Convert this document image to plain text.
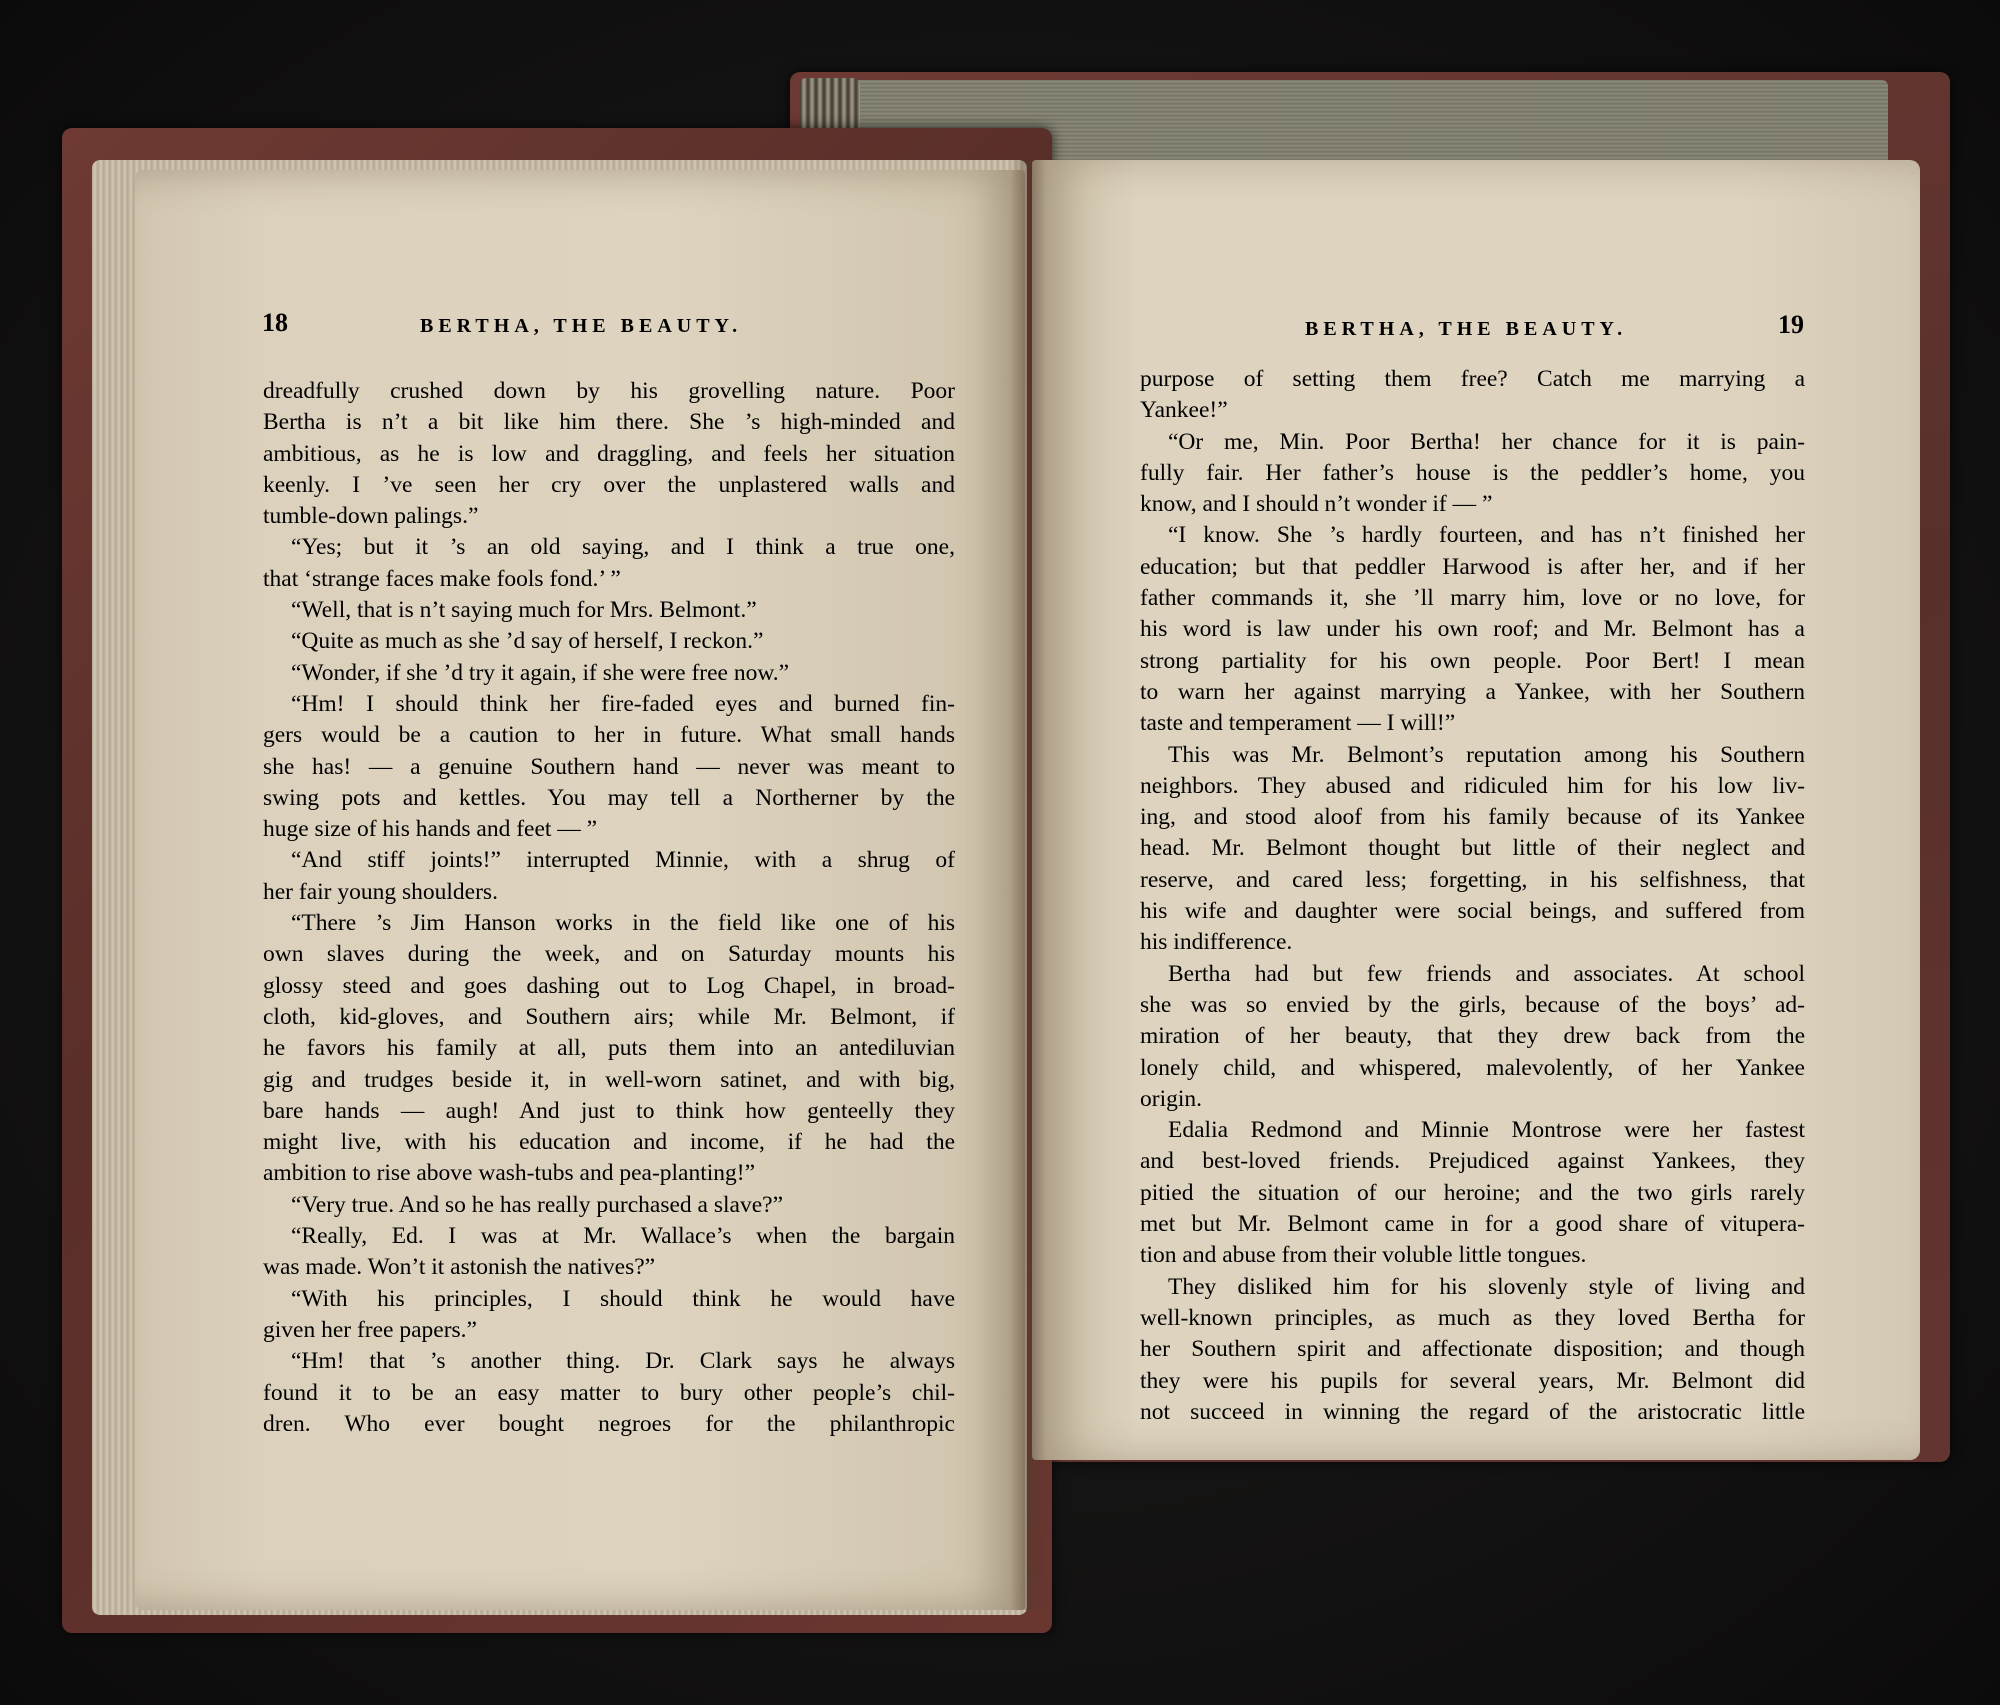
18	BERTHA, THE BEAUTY.	BERTHA, THE BEAUTY.	19
dreadfully crushed down by his grovelling nature. Poor
Bertha is n’t a bit like him there. She ’s high-minded and
ambitious, as he is low and draggling, and feels her situation
keenly. I ’ve seen her cry over the unplastered walls and
tumble-down palings.”
“Yes; but it ’s an old saying, and I think a true one,
that ‘strange faces make fools fond.’ ”
“Well, that is n’t saying much for Mrs. Belmont.”
“Quite as much as she ’d say of herself, I reckon.”
“Wonder, if she ’d try it again, if she were free now.”
“Hm! I should think her fire-faded eyes and burned fin-
gers would be a caution to her in future. What small hands
she has! — a genuine Southern hand — never was meant to
swing pots and kettles. You may tell a Northerner by the
huge size of his hands and feet — ”
“And stiff joints!” interrupted Minnie, with a shrug of
her fair young shoulders.
“There ’s Jim Hanson works in the field like one of his
own slaves during the week, and on Saturday mounts his
glossy steed and goes dashing out to Log Chapel, in broad-
cloth, kid-gloves, and Southern airs; while Mr. Belmont, if
he favors his family at all, puts them into an antediluvian
gig and trudges beside it, in well-worn satinet, and with big,
bare hands — augh! And just to think how genteelly they
might live, with his education and income, if he had the
ambition to rise above wash-tubs and pea-planting!”
“Very true. And so he has really purchased a slave?”
“Really, Ed. I was at Mr. Wallace’s when the bargain
was made. Won’t it astonish the natives?”
“With his principles, I should think he would have
given her free papers.”
“Hm! that ’s another thing. Dr. Clark says he always
found it to be an easy matter to bury other people’s chil-
dren. Who ever bought negroes for the philanthropic
purpose of setting them free? Catch me marrying a
Yankee!”
“Or me, Min. Poor Bertha! her chance for it is pain-
fully fair. Her father’s house is the peddler’s home, you
know, and I should n’t wonder if — ”
“I know. She ’s hardly fourteen, and has n’t finished her
education; but that peddler Harwood is after her, and if her
father commands it, she ’ll marry him, love or no love, for
his word is law under his own roof; and Mr. Belmont has a
strong partiality for his own people. Poor Bert! I mean
to warn her against marrying a Yankee, with her Southern
taste and temperament — I will!”
This was Mr. Belmont’s reputation among his Southern
neighbors. They abused and ridiculed him for his low liv-
ing, and stood aloof from his family because of its Yankee
head. Mr. Belmont thought but little of their neglect and
reserve, and cared less; forgetting, in his selfishness, that
his wife and daughter were social beings, and suffered from
his indifference.
Bertha had but few friends and associates. At school
she was so envied by the girls, because of the boys’ ad-
miration of her beauty, that they drew back from the
lonely child, and whispered, malevolently, of her Yankee
origin.
Edalia Redmond and Minnie Montrose were her fastest
and best-loved friends. Prejudiced against Yankees, they
pitied the situation of our heroine; and the two girls rarely
met but Mr. Belmont came in for a good share of vitupera-
tion and abuse from their voluble little tongues.
They disliked him for his slovenly style of living and
well-known principles, as much as they loved Bertha for
her Southern spirit and affectionate disposition; and though
they were his pupils for several years, Mr. Belmont did
not succeed in winning the regard of the aristocratic little
